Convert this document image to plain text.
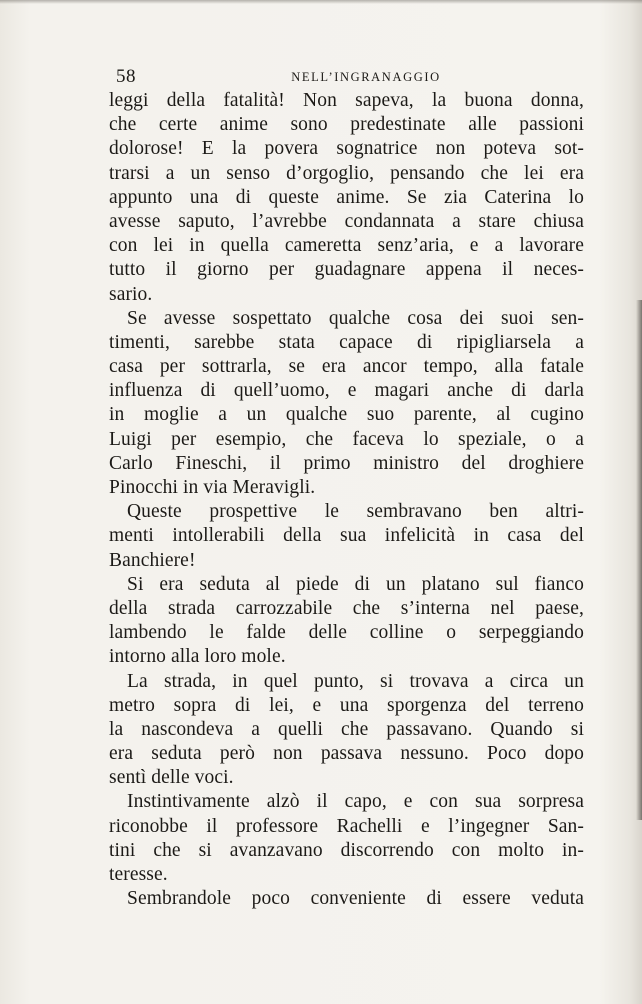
58	NELL’INGRANAGGIO
leggi della fatalità! Non sapeva, la buona donna,
che certe anime sono predestinate alle passioni
dolorose! E la povera sognatrice non poteva sot-
trarsi a un senso d’orgoglio, pensando che lei era
appunto una di queste anime. Se zia Caterina lo
avesse saputo, l’avrebbe condannata a stare chiusa
con lei in quella cameretta senz’aria, e a lavorare
tutto il giorno per guadagnare appena il neces-
sario.
Se avesse sospettato qualche cosa dei suoi sen-
timenti, sarebbe stata capace di ripigliarsela a
casa per sottrarla, se era ancor tempo, alla fatale
influenza di quell’uomo, e magari anche di darla
in moglie a un qualche suo parente, al cugino
Luigi per esempio, che faceva lo speziale, o a
Carlo Fineschi, il primo ministro del droghiere
Pinocchi in via Meravigli.
Queste prospettive le sembravano ben altri-
menti intollerabili della sua infelicità in casa del
Banchiere!
Si era seduta al piede di un platano sul fianco
della strada carrozzabile che s’interna nel paese,
lambendo le falde delle colline o serpeggiando
intorno alla loro mole.
La strada, in quel punto, si trovava a circa un
metro sopra di lei, e una sporgenza del terreno
la nascondeva a quelli che passavano. Quando si
era seduta però non passava nessuno. Poco dopo
sentì delle voci.
Instintivamente alzò il capo, e con sua sorpresa
riconobbe il professore Rachelli e l’ingegner San-
tini che si avanzavano discorrendo con molto in-
teresse.
Sembrandole poco conveniente di essere veduta
